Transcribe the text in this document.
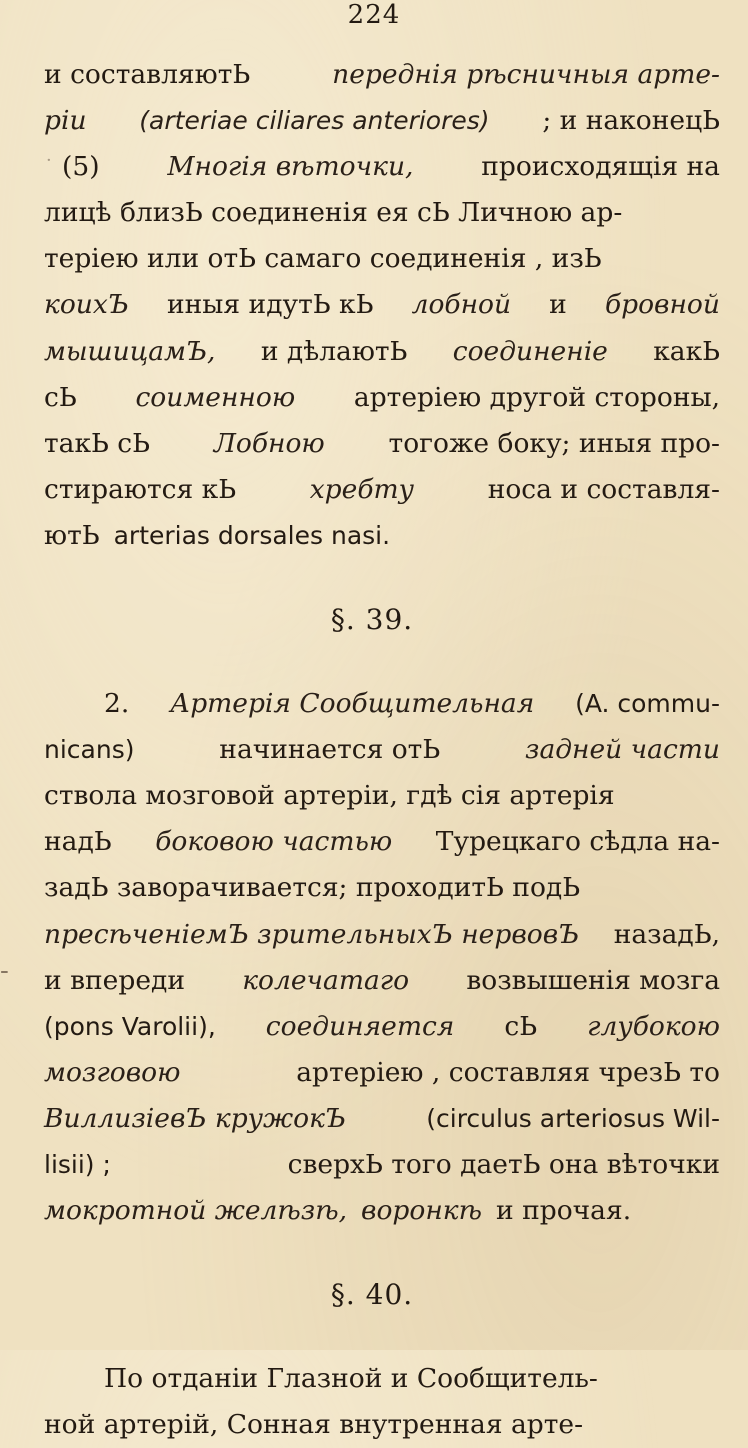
224
·
-
и составляютЬ	переднія рѣсничныя арте-
ріи (arteriae ciliares anteriores) ; и наконецЬ
(5)	Многія вѣточки,	происходящія на
лицѣ близЬ соединенія ея сЬ Личною ар-
теріею или отЬ самаго соединенія , изЬ
коихЪ иныя идутЬ кЬ лобной и бровной
мышицамЪ, и дѣлаютЬ соединеніе какЬ
сЬ соименною артеріею другой стороны,
такЬ сЬ Лобною тогоже боку; иныя про-
стираются кЬ	хребту	носа и составля-
ютЬ arterias dorsales nasi.
§. 39.
2. Артерія Сообщительная (A. commu-
nicans)	начинается отЬ	задней части
ствола мозговой артеріи, гдѣ сія артерія
надЬ боковою частью Турецкаго сѣдла на-
задЬ заворачивается; проходитЬ подЬ
пресѣченіемЪ зрительныхЪ нервовЪ назадЬ,
и впереди колечатаго возвышенія мозга
(pons Varolii), соединяется сЬ глубокою
мозговою	артеріею , составляя чрезЬ то
ВиллизіевЪ кружокЪ	(circulus arteriosus Wil-
lisii) ;	сверхЬ того даетЬ она вѣточки
мокротной желѣзѣ, воронкѣ и прочая.
§. 40.
По отданіи Глазной и Сообщитель-
ной артерій, Сонная внутренная арте-
